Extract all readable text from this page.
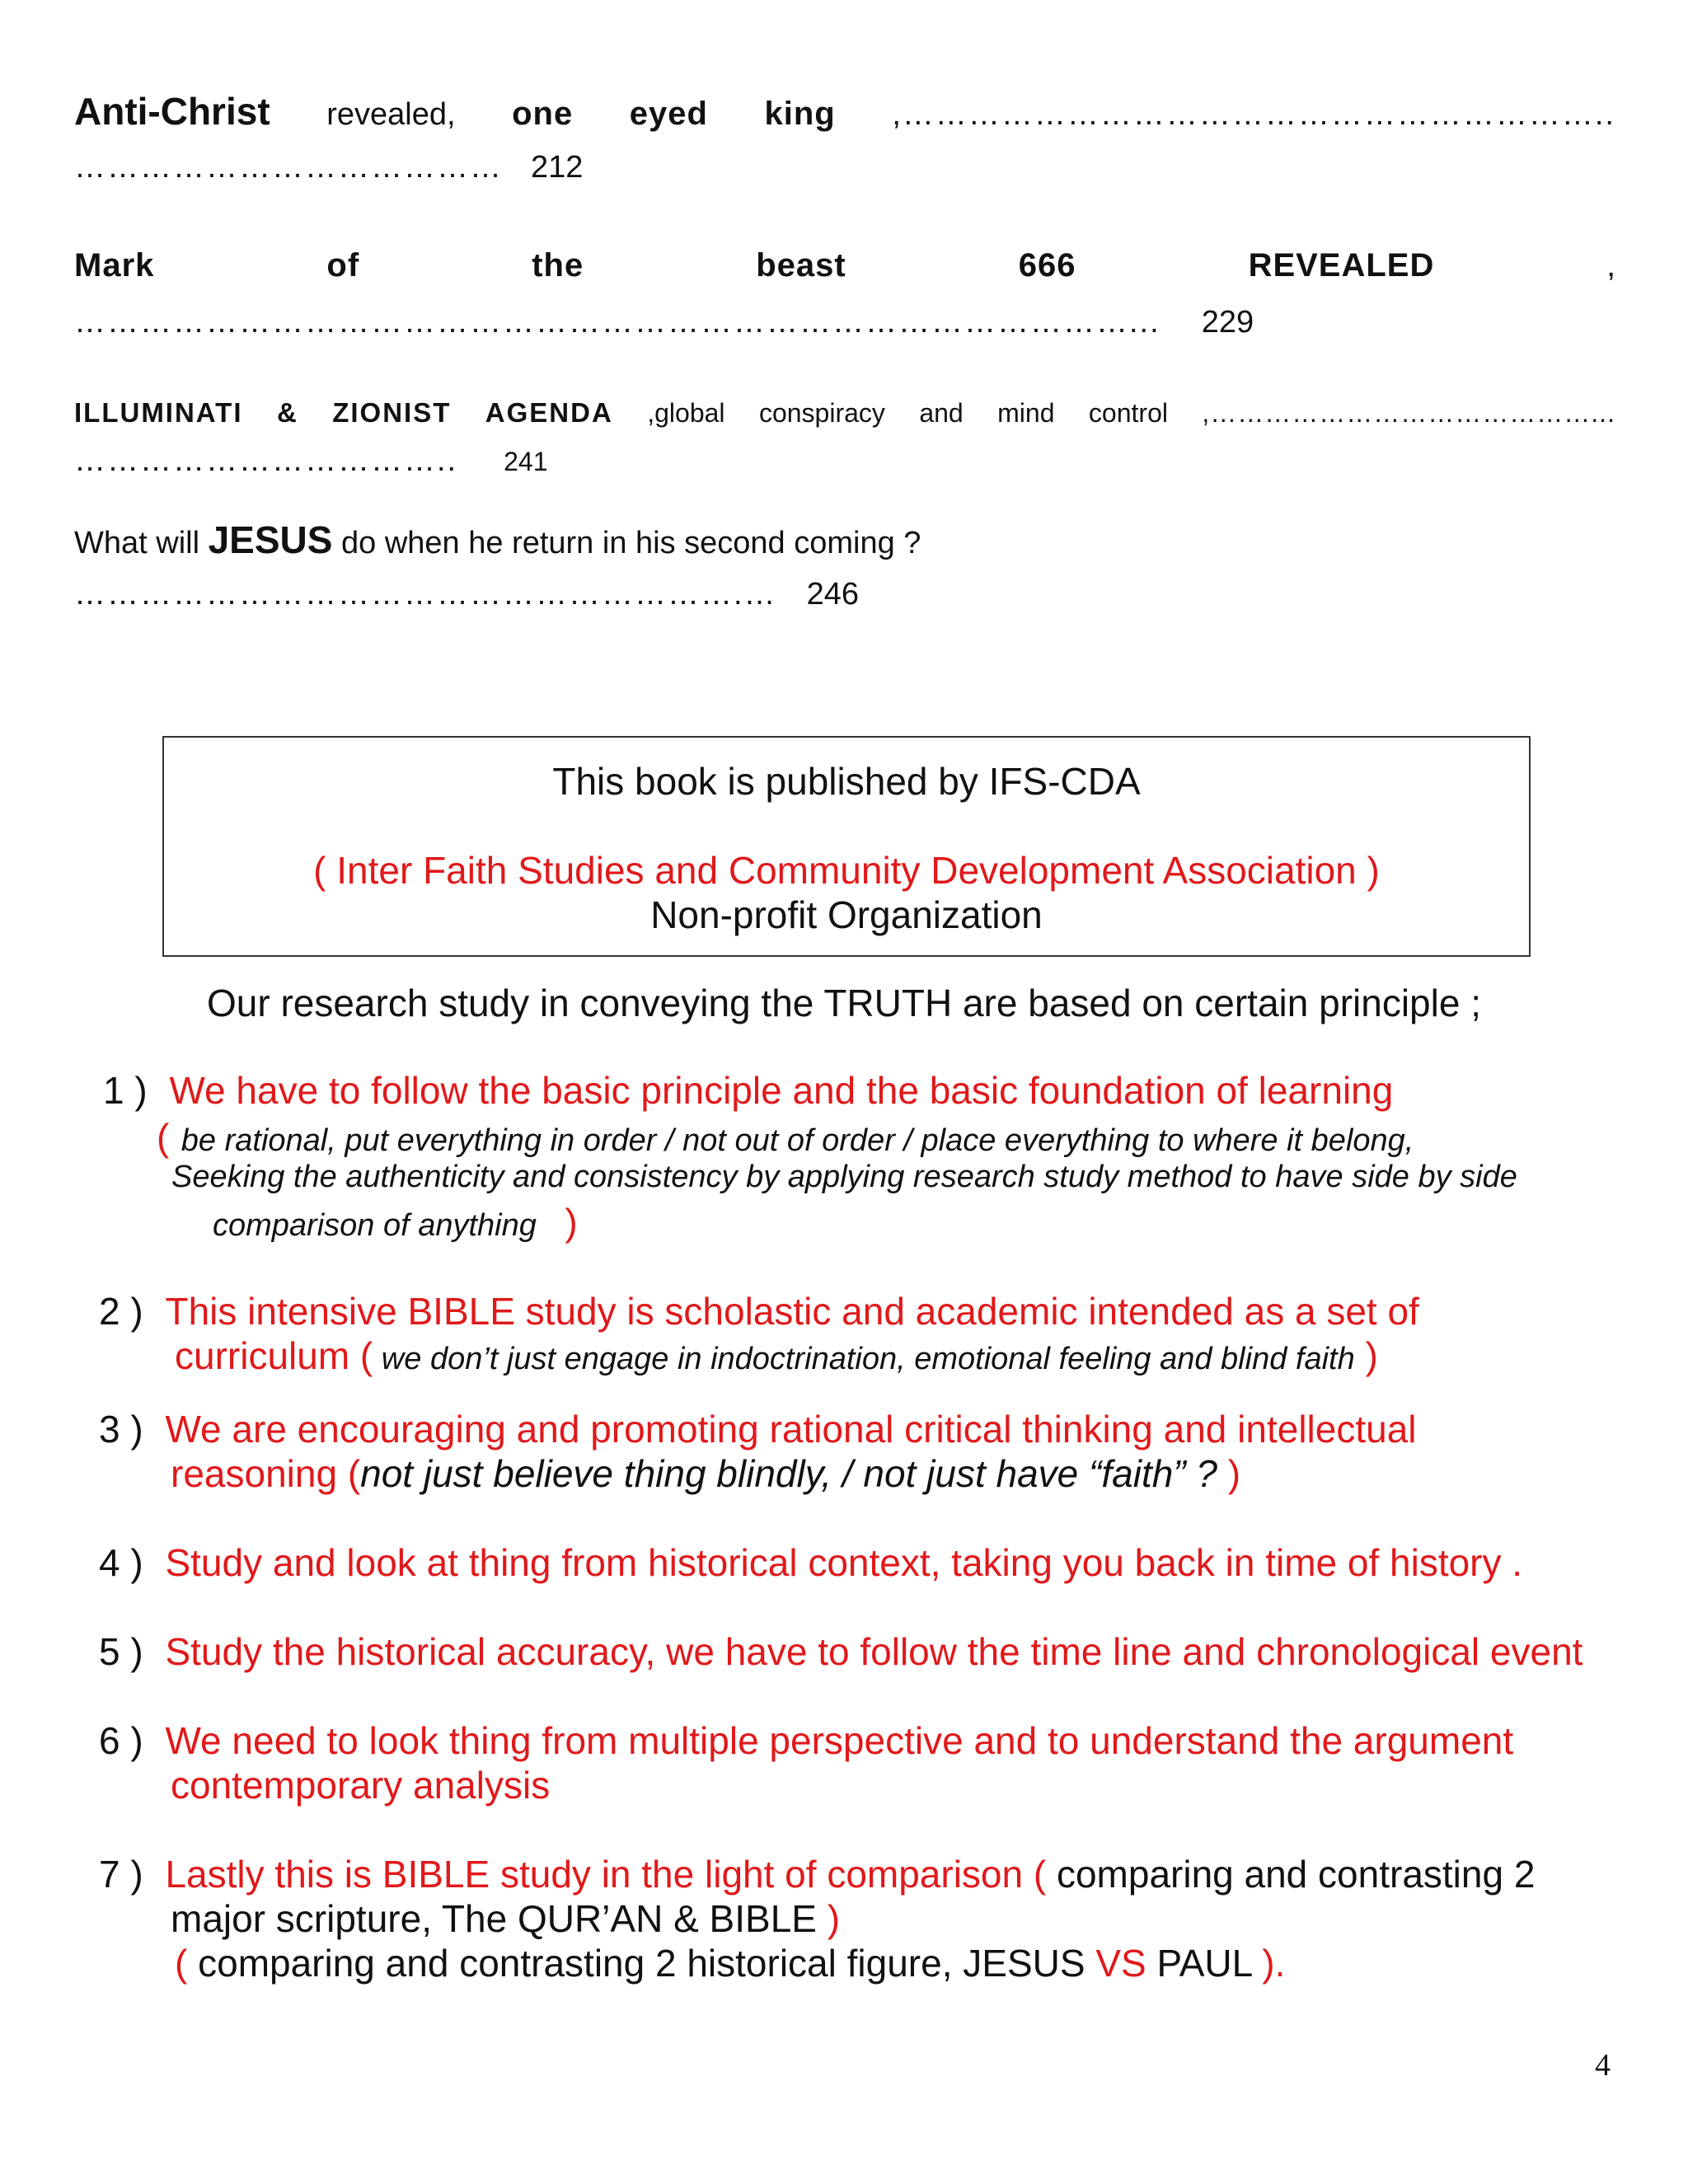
Anti-Christ revealed, one eyed king ,………………………………………………………..
………………………………… 212
Mark	of	the	beast	666	REVEALED	,
……………………………………………………………………………………... 229
ILLUMINATI & ZIONIST AGENDA ,global conspiracy and mind control ,……………………………………...
…………………………….. 241
What will JESUS do when he return in his second coming ?
…………………………………………………….… 246
This book is published by IFS-CDA
( Inter Faith Studies and Community Development Association )
Non-profit Organization
Our research study in conveying the TRUTH are based on certain principle ;
1 ) We have to follow the basic principle and the basic foundation of learning
( be rational, put everything in order / not out of order / place everything to where it belong,
Seeking the authenticity and consistency by applying research study method to have side by side
comparison of anything )
2 ) This intensive BIBLE study is scholastic and academic intended as a set of
curriculum ( we don’t just engage in indoctrination, emotional feeling and blind faith )
3 ) We are encouraging and promoting rational critical thinking and intellectual
reasoning (not just believe thing blindly, / not just have “faith” ? )
4 ) Study and look at thing from historical context, taking you back in time of history .
5 ) Study the historical accuracy, we have to follow the time line and chronological event
6 ) We need to look thing from multiple perspective and to understand the argument
contemporary analysis
7 ) Lastly this is BIBLE study in the light of comparison ( comparing and contrasting 2
major scripture, The QUR’AN & BIBLE )
( comparing and contrasting 2 historical figure, JESUS VS PAUL ).
4
